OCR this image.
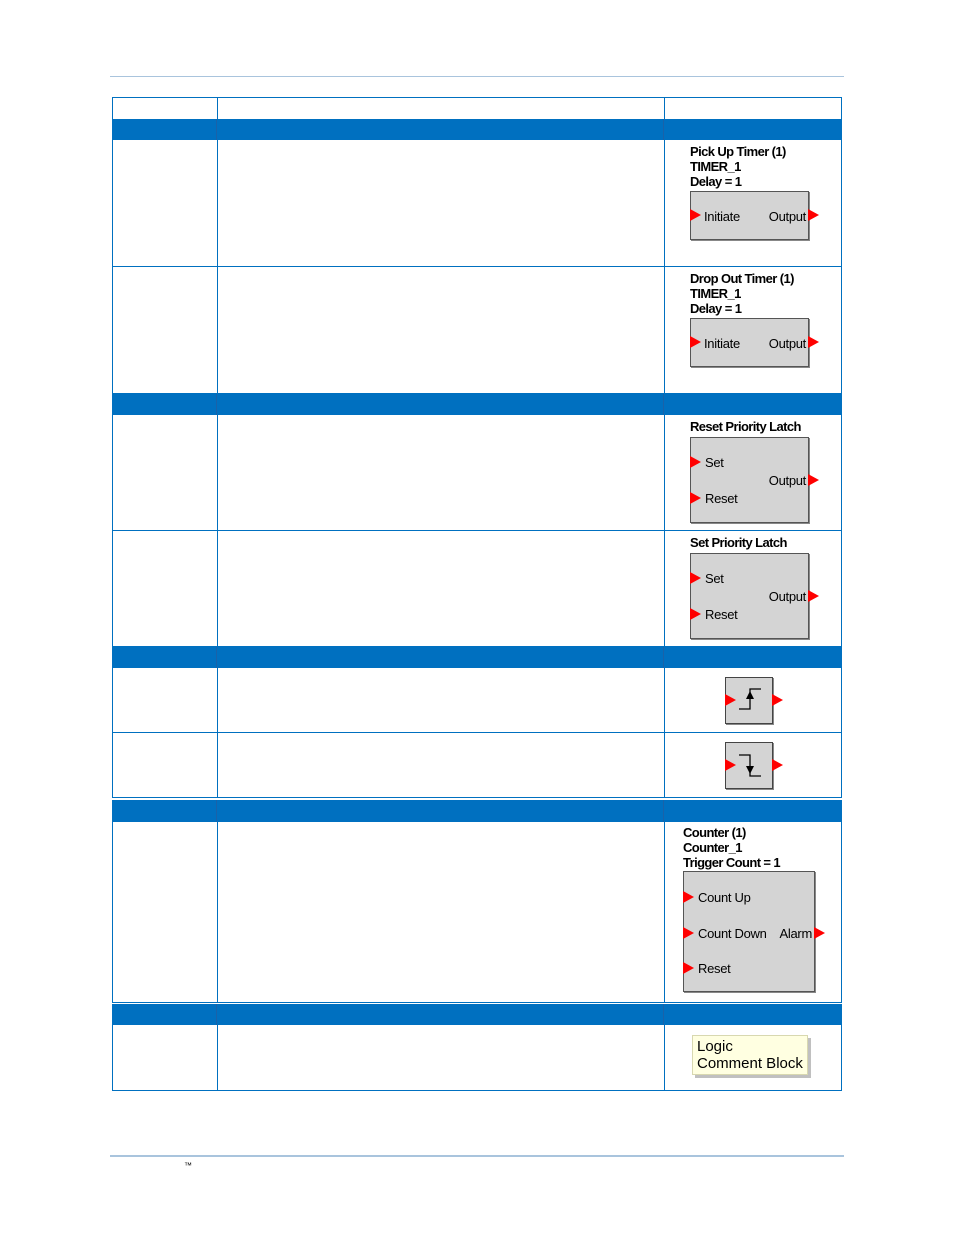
Pick Up Timer (1)
TIMER_1
Delay = 1
Initiate Output
Drop Out Timer (1)
TIMER_1
Delay = 1
Initiate Output
Reset Priority Latch
Set
Output
Reset
Set Priority Latch
Set
Output
Reset
Counter (1)
Counter_1
Trigger Count = 1
Count Up
Count Down Alarm
Reset
Logic
Comment Block
™
